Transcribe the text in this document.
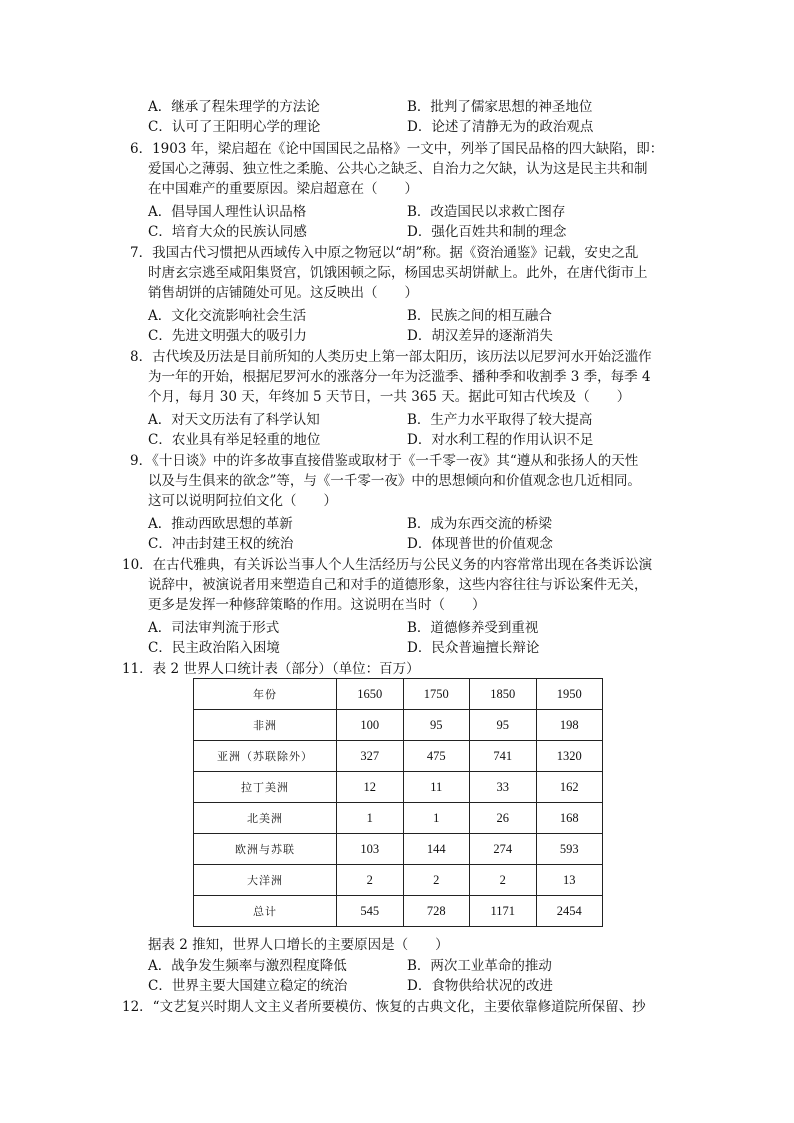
A．继承了程朱理学的方法论	B．批判了儒家思想的神圣地位
C．认可了王阳明心学的理论	D．论述了清静无为的政治观点
6．1903 年，梁启超在《论中国国民之品格》一文中，列举了国民品格的四大缺陷，即：
爱国心之薄弱、独立性之柔脆、公共心之缺乏、自治力之欠缺，认为这是民主共和制
在中国难产的重要原因。梁启超意在（　　）
A．倡导国人理性认识品格	B．改造国民以求救亡图存
C．培育大众的民族认同感	D．强化百姓共和制的理念
7．我国古代习惯把从西域传入中原之物冠以“胡”称。据《资治通鉴》记载，安史之乱
时唐玄宗逃至咸阳集贤宫，饥饿困顿之际，杨国忠买胡饼献上。此外，在唐代街市上
销售胡饼的店铺随处可见。这反映出（　　）
A．文化交流影响社会生活	B．民族之间的相互融合
C．先进文明强大的吸引力	D．胡汉差异的逐渐消失
8．古代埃及历法是目前所知的人类历史上第一部太阳历，该历法以尼罗河水开始泛滥作
为一年的开始，根据尼罗河水的涨落分一年为泛滥季、播种季和收割季 3 季，每季 4
个月，每月 30 天，年终加 5 天节日，一共 365 天。据此可知古代埃及（　　）
A．对天文历法有了科学认知	B．生产力水平取得了较大提高
C．农业具有举足轻重的地位	D．对水利工程的作用认识不足
9．《十日谈》中的许多故事直接借鉴或取材于《一千零一夜》其“遵从和张扬人的天性
以及与生俱来的欲念”等，与《一千零一夜》中的思想倾向和价值观念也几近相同。
这可以说明阿拉伯文化（　　）
A．推动西欧思想的革新	B．成为东西交流的桥梁
C．冲击封建王权的统治	D．体现普世的价值观念
10．在古代雅典，有关诉讼当事人个人生活经历与公民义务的内容常常出现在各类诉讼演
说辞中，被演说者用来塑造自己和对手的道德形象，这些内容往往与诉讼案件无关，
更多是发挥一种修辞策略的作用。这说明在当时（　　）
A．司法审判流于形式	B．道德修养受到重视
C．民主政治陷入困境	D．民众普遍擅长辩论
11．表 2 世界人口统计表（部分）（单位：百万）
年份	1650	1750	1850	1950
非洲	100	95	95	198
亚洲（苏联除外）	327	475	741	1320
拉丁美洲	12	11	33	162
北美洲	1	1	26	168
欧洲与苏联	103	144	274	593
大洋洲	2	2	2	13
总计	545	728	1171	2454
据表 2 推知，世界人口增长的主要原因是（　　）
A．战争发生频率与激烈程度降低	B．两次工业革命的推动
C．世界主要大国建立稳定的统治	D．食物供给状况的改进
12．“文艺复兴时期人文主义者所要模仿、恢复的古典文化，主要依靠修道院所保留、抄
